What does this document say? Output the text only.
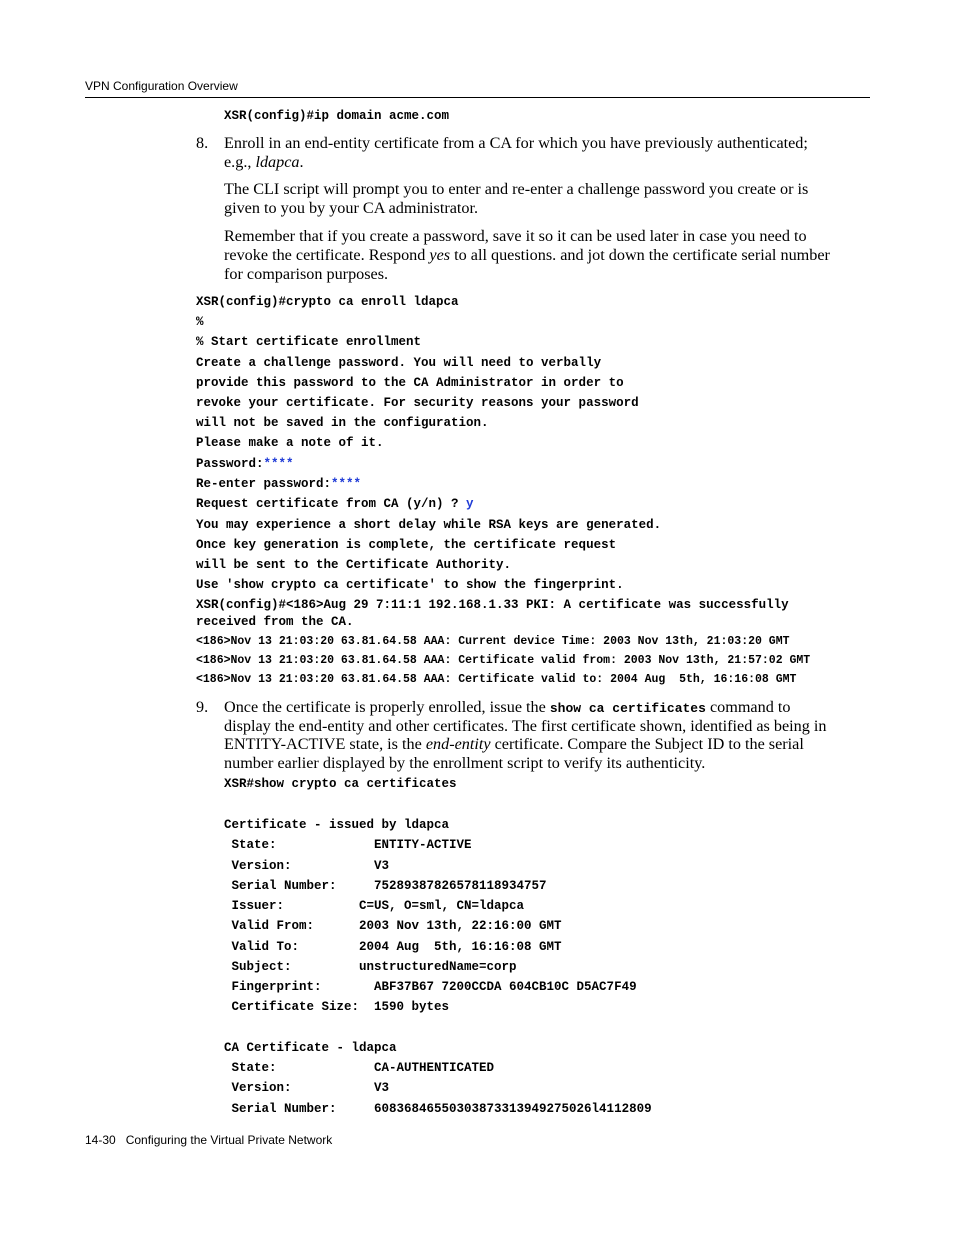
VPN Configuration Overview
XSR(config)#ip domain acme.com
8. Enroll in an end-entity certificate from a CA for which you have previously authenticated;
e.g., ldapca.
The CLI script will prompt you to enter and re-enter a challenge password you create or is
given to you by your CA administrator.
Remember that if you create a password, save it so it can be used later in case you need to
revoke the certificate. Respond yes to all questions. and jot down the certificate serial number
for comparison purposes.
XSR(config)#crypto ca enroll ldapca
%
% Start certificate enrollment
Create a challenge password. You will need to verbally
provide this password to the CA Administrator in order to
revoke your certificate. For security reasons your password
will not be saved in the configuration.
Please make a note of it.
Password:****
Re-enter password:****
Request certificate from CA (y/n) ? y
You may experience a short delay while RSA keys are generated.
Once key generation is complete, the certificate request
will be sent to the Certificate Authority.
Use 'show crypto ca certificate' to show the fingerprint.
XSR(config)#<186>Aug 29 7:11:1 192.168.1.33 PKI: A certificate was successfully
received from the CA.
<186>Nov 13 21:03:20 63.81.64.58 AAA: Current device Time: 2003 Nov 13th, 21:03:20 GMT
<186>Nov 13 21:03:20 63.81.64.58 AAA: Certificate valid from: 2003 Nov 13th, 21:57:02 GMT
<186>Nov 13 21:03:20 63.81.64.58 AAA: Certificate valid to: 2004 Aug  5th, 16:16:08 GMT
9. Once the certificate is properly enrolled, issue the show ca certificates command to
display the end-entity and other certificates. The first certificate shown, identified as being in
ENTITY-ACTIVE state, is the end-entity certificate. Compare the Subject ID to the serial
number earlier displayed by the enrollment script to verify its authenticity.
XSR#show crypto ca certificates
Certificate - issued by ldapca
State:             ENTITY-ACTIVE
Version:           V3
Serial Number:     75289387826578118934757
Issuer:          C=US, O=sml, CN=ldapca
Valid From:      2003 Nov 13th, 22:16:00 GMT
Valid To:        2004 Aug  5th, 16:16:08 GMT
Subject:         unstructuredName=corp
Fingerprint:       ABF37B67 7200CCDA 604CB10C D5AC7F49
Certificate Size:  1590 bytes
CA Certificate - ldapca
State:             CA-AUTHENTICATED
Version:           V3
Serial Number:     60836846550303873313949275026l4112809
14-30 Configuring the Virtual Private Network
